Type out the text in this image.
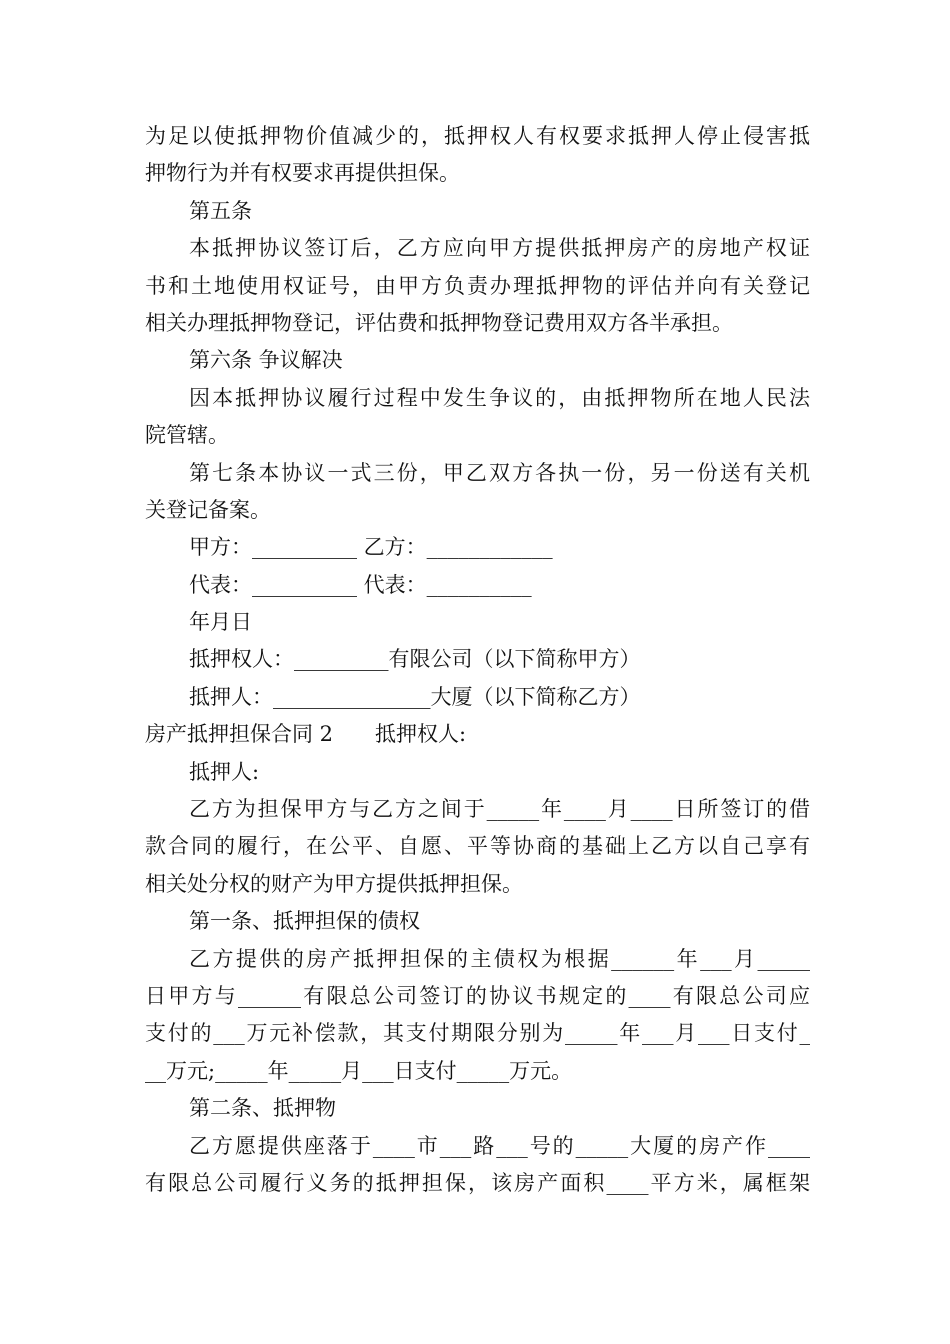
为足以使抵押物价值减少的，抵押权人有权要求抵押人停止侵害抵
押物行为并有权要求再提供担保。
第五条
本抵押协议签订后，乙方应向甲方提供抵押房产的房地产权证
书和土地使用权证号，由甲方负责办理抵押物的评估并向有关登记
相关办理抵押物登记，评估费和抵押物登记费用双方各半承担。
第六条 争议解决
因本抵押协议履行过程中发生争议的，由抵押物所在地人民法
院管辖。
第七条本协议一式三份，甲乙双方各执一份，另一份送有关机
关登记备案。
甲方：__________ 乙方：____________
代表：__________ 代表：__________
年月日
抵押权人：_________有限公司（以下简称甲方）
抵押人：_______________大厦（以下简称乙方）
房产抵押担保合同 2　　抵押权人:
抵押人:
乙方为担保甲方与乙方之间于_____年____月____日所签订的借
款合同的履行，在公平、自愿、平等协商的基础上乙方以自己享有
相关处分权的财产为甲方提供抵押担保。
第一条、抵押担保的债权
乙方提供的房产抵押担保的主债权为根据______年___月_____
日甲方与______有限总公司签订的协议书规定的____有限总公司应
支付的___万元补偿款，其支付期限分别为_____年___月___日支付_
__万元;_____年_____月___日支付_____万元。
第二条、抵押物
乙方愿提供座落于____市___路___号的_____大厦的房产作____
有限总公司履行义务的抵押担保，该房产面积____平方米，属框架
